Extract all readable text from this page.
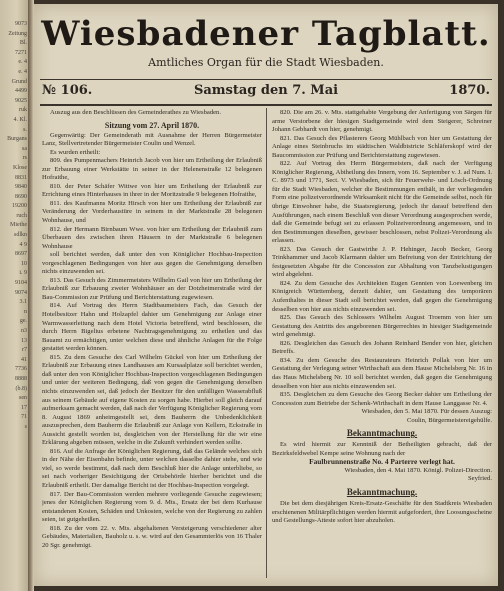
9073
Zeitung
Bl.
7271
e. 4
e. 4
Grund
4499
9025
ruk
4. Kl.
s.
Burgans
sa
rs
Klose
8831
9840
8690
19200
ruch
Miethe
sdlkn
4 9
8697
10
i. 9
9104
9074
3.1
n
ge.
n3
13
r7
41
7736
8888
(b.8)
sen
17
71
s
Wiesbadener Tagblatt.
Amtliches Organ für die Stadt Wiesbaden.
№ 106.	Samstag den 7. Mai	1870.

Auszug aus den Beschlüssen des Gemeinderathes zu Wiesbaden.

Sitzung vom 27. April 1870.

Gegenwärtig: Der Gemeinderath mit Ausnahme der Herren Bürgermeister Lanz, Stellvertretender Bürgermeister Coulin und Wenzel.

Es wurden ertheilt:

809. des Pumpenmachers Heinrich Jacob von hier um Ertheilung der Erlaubniß zur Erbauung einer Werkstätte in seiner in der Helenenstraße 12 belegenen Hofraithe,

810. der Peter Schäfer Wittwe von hier um Ertheilung der Erlaubniß zur Errichtung eines Hinterhauses in ihrer in der Moritzstraße 9 belegenen Hofraithe,

811. des Kaufmanns Moritz Hirsch von hier um Ertheilung der Erlaubniß zur Veränderung der Vorderhaustüre in seinem in der Marktstraße 28 belegenen Wohnhause, und

812. der Hermann Birnbaum Wwe. von hier um Ertheilung der Erlaubniß zum Überbauen des zwischen ihren Häusern in der Marktstraße 6 belegenen Wohnhause

soll berichtet werden, daß unter den von Königlicher Hochbau-Inspection vorgeschlagenen Bedingungen von hier aus gegen die Genehmigung derselben nichts einzuwenden sei.

813. Das Gesuch des Zimmermeisters Wilhelm Gail von hier um Ertheilung der Erlaubniß zur Erbauung zweier Wohnhäuser an der Dotzheimerstraße wird der Bau-Commission zur Prüfung und Berichterstattung zugewiesen.

814. Auf Vortrag des Herrn Stadtbaumeisters Fach, das Gesuch der Hotelbesitzer Hahn und Holzapfel dahier um Genehmigung zur Anlage einer Warmwasserleitung nach dem Hotel Victoria betreffend, wird beschlossen, die durch Herrn Bigelius erbetene Nachtragsgenehmigung zu ertheilen und das Bauamt zu ermächtigen, unter welchen diese und ähnliche Anlagen für die Folge gestattet werden können.

815. Zu dem Gesuche des Carl Wilhelm Gückel von hier um Ertheilung der Erlaubniß zur Erbauung eines Landhauses am Kursaalplatze soll berichtet werden, daß unter den von Königlicher Hochbau-Inspection vorgeschlagenen Bedingungen und unter der weiteren Bedingung, daß von gegen die Genehmigung derselben nichts einzuwenden sei, daß jedoch der Besitzer für den unfälligen Wasserabfluß aus seinem Gebäude auf eigene Kosten zu sorgen habe. Hierbei soll gleich darauf aufmerksam gemacht werden, daß nach der Verfügung Königlicher Regierung vom 8. August 1869 anheimgestellt sei, dem Bauherrn die Unbedenklichkeit auszusprechen, dem Bauherrn die Erlaubniß zur Anlage von Kellern, Eckstraße in Aussicht gestellt worden ist, desgleichen von der Herstellung für die wir eine Erklärung abgeben müssen, welche in die Zukunft verhindert werden sollte.

816. Auf die Anfrage der Königlichen Regierung, daß das Gelände welches sich in der Nähe der Eisenbahn befinde, unter welchen dasselbe dahier stehe, und wie viel, so werde bestimmt, daß nach dem Beschluß hier die Anlage unterbliebe, so sei nach vorheriger Besichtigung der Ortsbehörde hierher berichtet und die Erlaubniß ertheilt. Der damalige Bericht ist der Hochbau-Inspection vorgelegt.

817. Der Bau-Commission werden mehrere vorliegende Gesuche zugewiesen; jenes der Königlichen Regierung vom 9. d. Mts., Ersatz der bei dem Kurhause entstandenen Kosten, Schäden und Unkosten, welche von der Regierung zu zahlen seien, ist gutgeheißen.

818. Zu der vom 22. v. Mts. abgehaltenen Versteigerung verschiedener alter Gebäudes, Materialien, Bauholz u. s. w. wird auf den Gesammterlös von 16 Thaler 20 Sgr. genehmigt.

820. Die am 26. v. Mts. stattgehabte Vergebung der Anfertigung von Särgen für arme Verstorbene der hiesigen Stadtgemeinde wird dem Steigerer, Schreiner Johann Gebhardt von hier, genehmigt.

821. Das Gesuch des Pflasterers Georg Mühlbach von hier um Gestattung der Anlage eines Steinbruchs im städtischen Waldbistricte Schläferskopf wird der Baucommission zur Prüfung und Berichterstattung zugewiesen.

822. Auf Vortrag des Herrn Bürgermeisters, daß nach der Verfügung Königlicher Regierung, Abtheilung des Innern, vom 16. September v. J. ad Num. I. C. 8973 und 1771, Sect. V. Wiesbaden, sich für Feuerwehr- und Lösch-Ordnung für die Stadt Wiesbaden, welcher die Bestimmungen enthält, in der vorliegenden Form eine polizeiverordnende Wirksamkeit nicht für die Gemeinde selbst, noch für übrige Einwohner habe, die Staatsregierung, jedoch ihr darauf betreffend den Ausführungen, nach einem Beschluß von dieser Verordnung ausgesprochen werde, daß die Gemeinde befugt sei zu erlassen Polizeiverordnung angemessen, und in den Bestimmungen dieselben, gewisser beschlossen, nebst Polizei-Verordnung als erlassen.

823. Das Gesuch der Gastwirthe J. P. Hehinger, Jacob Becker, Georg Trinkhammer und Jacob Klarmann dahier um Befreiung von der Entrichtung der festgesetzten Abgabe für die Concession zur Abhaltung von Tanzbelustigungen wird abgelehnt.

824. Zu dem Gesuche des Architekten Eugen Gennien von Loewenberg im Königreich Württemberg, derzeit dahier, um Gestattung des temporären Aufenthaltes in dieser Stadt soll berichtet werden, daß gegen die Genehmigung desselben von hier aus nichts einzuwenden sei.

825. Das Gesuch des Schlossers Wilhelm August Troemm von hier um Gestattung des Antritts des angeborenen Bürgerrechtes in hiesiger Stadtgemeinde wird genehmigt.

826. Desgleichen das Gesuch des Johann Reinhard Bender von hier, gleichen Betreffs.

834. Zu dem Gesuche des Restaurateurs Heinrich Pollak von hier um Gestattung der Verlegung seiner Wirthschaft aus dem Hause Michelsberg Nr. 16 in das Haus Michelsberg Nr. 10 soll berichtet werden, daß gegen die Genehmigung desselben von hier aus nichts einzuwenden sei.

835. Desgleichen zu dem Gesuche des Georg Becker dahier um Ertheilung der Concession zum Betriebe der Schenk-Wirthschaft in dem Hause Langgasse Nr. 4.

Wiesbaden, den 5. Mai 1870. Für dessen Auszug:

Coulin, Bürgermeistereigehülfe.

Bekanntmachung.

Es wird hiermit zur Kenntniß der Betheiligten gebracht, daß der Bezirksfeldwebel Kempe seine Wohnung nach der

Faulbrunnenstraße No. 4 Parterre verlegt hat.

Wiesbaden, den 4. Mai 1870. Königl. Polizei-Direction.

Seyfried.

Bekanntmachung.

Die bei dem diesjährigen Kreis-Ersatz-Geschäfte für den Stadtkreis Wiesbaden erschienenen Militärpflichtigen werden hiermit aufgefordert, ihre Loosungsscheine und Gestellungs-Atteste sofort hier abzuholen.
